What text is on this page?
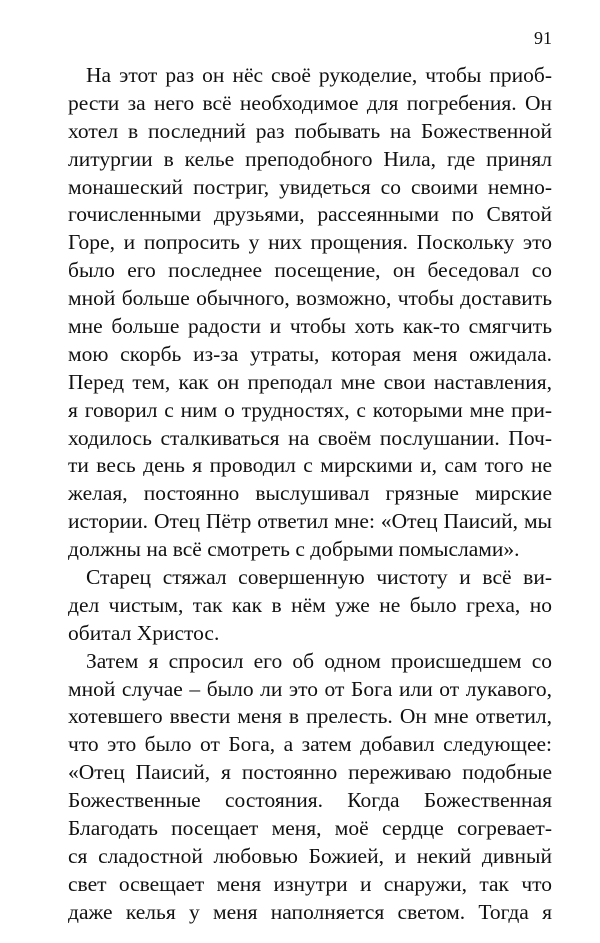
91
На этот раз он нёс своё рукоделие, чтобы приоб-
рести за него всё необходимое для погребения. Он
хотел в последний раз побывать на Божественной
литургии в келье преподобного Нила, где принял
монашеский постриг, увидеться со своими немно-
гочисленными друзьями, рассеянными по Святой
Горе, и попросить у них прощения. Поскольку это
было его последнее посещение, он беседовал со
мной больше обычного, возможно, чтобы доставить
мне больше радости и чтобы хоть как-то смягчить
мою скорбь из-за утраты, которая меня ожидала.
Перед тем, как он преподал мне свои наставления,
я говорил с ним о трудностях, с которыми мне при-
ходилось сталкиваться на своём послушании. Поч-
ти весь день я проводил с мирскими и, сам того не
желая, постоянно выслушивал грязные мирские
истории. Отец Пётр ответил мне: «Отец Паисий, мы
должны на всё смотреть с добрыми помыслами».
Старец стяжал совершенную чистоту и всё ви-
дел чистым, так как в нём уже не было греха, но
обитал Христос.
Затем я спросил его об одном происшедшем со
мной случае – было ли это от Бога или от лукавого,
хотевшего ввести меня в прелесть. Он мне ответил,
что это было от Бога, а затем добавил следующее:
«Отец Паисий, я постоянно переживаю подобные
Божественные состояния. Когда Божественная
Благодать посещает меня, моё сердце согревает-
ся сладостной любовью Божией, и некий дивный
свет освещает меня изнутри и снаружи, так что
даже келья у меня наполняется светом. Тогда я
